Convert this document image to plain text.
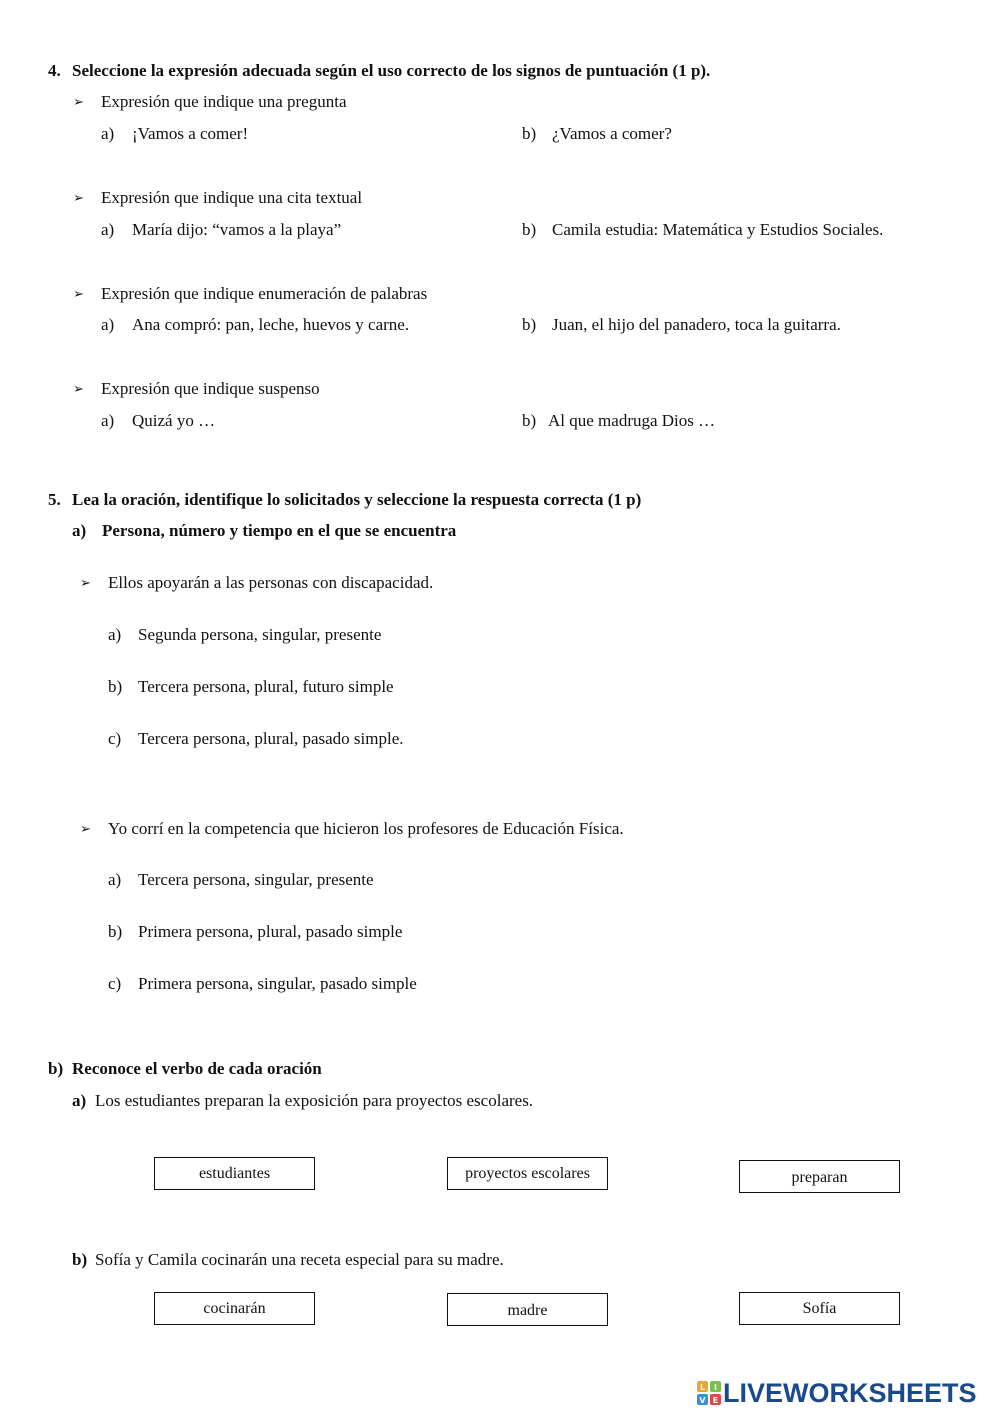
4. Seleccione la expresión adecuada según el uso correcto de los signos de puntuación (1 p).
➢ Expresión que indique una pregunta
a) ¡Vamos a comer!	b) ¿Vamos a comer?
➢ Expresión que indique una cita textual
a) María dijo: “vamos a la playa”	b) Camila estudia: Matemática y Estudios Sociales.
➢ Expresión que indique enumeración de palabras
a) Ana compró: pan, leche, huevos y carne.	b) Juan, el hijo del panadero, toca la guitarra.
➢ Expresión que indique suspenso
a) Quizá yo …	b) Al que madruga Dios …
5. Lea la oración, identifique lo solicitados y seleccione la respuesta correcta (1 p)
a) Persona, número y tiempo en el que se encuentra
➢ Ellos apoyarán a las personas con discapacidad.
a) Segunda persona, singular, presente
b) Tercera persona, plural, futuro simple
c) Tercera persona, plural, pasado simple.
➢ Yo corrí en la competencia que hicieron los profesores de Educación Física.
a) Tercera persona, singular, presente
b) Primera persona, plural, pasado simple
c) Primera persona, singular, pasado simple
b) Reconoce el verbo de cada oración
a) Los estudiantes preparan la exposición para proyectos escolares.
estudiantes	proyectos escolares	preparan
b) Sofía y Camila cocinarán una receta especial para su madre.
cocinarán	madre	Sofía
L I
V E LIVEWORKSHEETS
